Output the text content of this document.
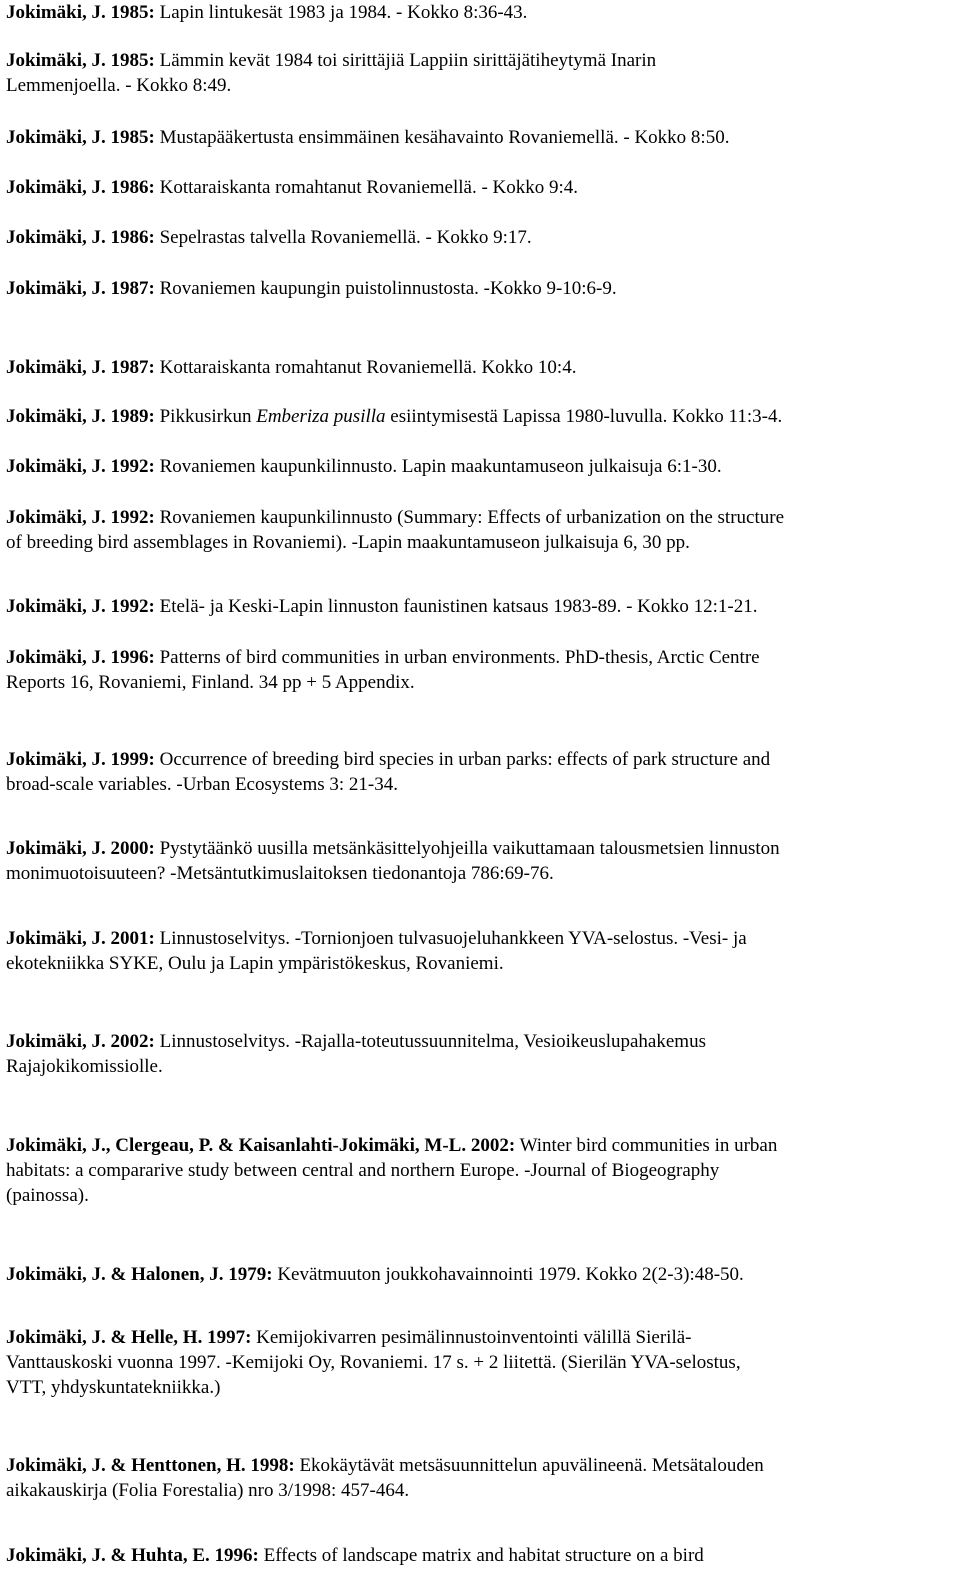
Jokimäki, J. 1985: Lapin lintukesät 1983 ja 1984. - Kokko 8:36-43.

Jokimäki, J. 1985: Lämmin kevät 1984 toi sirittäjiä Lappiin sirittäjätiheytymä Inarin
Lemmenjoella. - Kokko 8:49.

Jokimäki, J. 1985: Mustapääkertusta ensimmäinen kesähavainto Rovaniemellä. - Kokko 8:50.

Jokimäki, J. 1986: Kottaraiskanta romahtanut Rovaniemellä. - Kokko 9:4.

Jokimäki, J. 1986: Sepelrastas talvella Rovaniemellä. - Kokko 9:17.

Jokimäki, J. 1987: Rovaniemen kaupungin puistolinnustosta. -Kokko 9-10:6-9.

Jokimäki, J. 1987: Kottaraiskanta romahtanut Rovaniemellä. Kokko 10:4.

Jokimäki, J. 1989: Pikkusirkun Emberiza pusilla esiintymisestä Lapissa 1980-luvulla. Kokko 11:3-4.

Jokimäki, J. 1992: Rovaniemen kaupunkilinnusto. Lapin maakuntamuseon julkaisuja 6:1-30.

Jokimäki, J. 1992: Rovaniemen kaupunkilinnusto (Summary: Effects of urbanization on the structure
of breeding bird assemblages in Rovaniemi). -Lapin maakuntamuseon julkaisuja 6, 30 pp.

Jokimäki, J. 1992: Etelä- ja Keski-Lapin linnuston faunistinen katsaus 1983-89. - Kokko 12:1-21.

Jokimäki, J. 1996: Patterns of bird communities in urban environments. PhD-thesis, Arctic Centre
Reports 16, Rovaniemi, Finland. 34 pp + 5 Appendix.

Jokimäki, J. 1999: Occurrence of breeding bird species in urban parks: effects of park structure and
broad-scale variables. -Urban Ecosystems 3: 21-34.

Jokimäki, J. 2000: Pystytäänkö uusilla metsänkäsittelyohjeilla vaikuttamaan talousmetsien linnuston
monimuotoisuuteen? -Metsäntutkimuslaitoksen tiedonantoja 786:69-76.

Jokimäki, J. 2001: Linnustoselvitys. -Tornionjoen tulvasuojeluhankkeen YVA-selostus. -Vesi- ja
ekotekniikka SYKE, Oulu ja Lapin ympäristökeskus, Rovaniemi.

Jokimäki, J. 2002: Linnustoselvitys. -Rajalla-toteutussuunnitelma, Vesioikeuslupahakemus
Rajajokikomissiolle.

Jokimäki, J., Clergeau, P. & Kaisanlahti-Jokimäki, M-L. 2002: Winter bird communities in urban
habitats: a compararive study between central and northern Europe. -Journal of Biogeography
(painossa).

Jokimäki, J. & Halonen, J. 1979: Kevätmuuton joukkohavainnointi 1979. Kokko 2(2-3):48-50.

Jokimäki, J. & Helle, H. 1997: Kemijokivarren pesimälinnustoinventointi välillä Sierilä-
Vanttauskoski vuonna 1997. -Kemijoki Oy, Rovaniemi. 17 s. + 2 liitettä. (Sierilän YVA-selostus,
VTT, yhdyskuntatekniikka.)

Jokimäki, J. & Henttonen, H. 1998: Ekokäytävät metsäsuunnittelun apuvälineenä. Metsätalouden
aikakauskirja (Folia Forestalia) nro 3/1998: 457-464.

Jokimäki, J. & Huhta, E. 1996: Effects of landscape matrix and habitat structure on a bird
